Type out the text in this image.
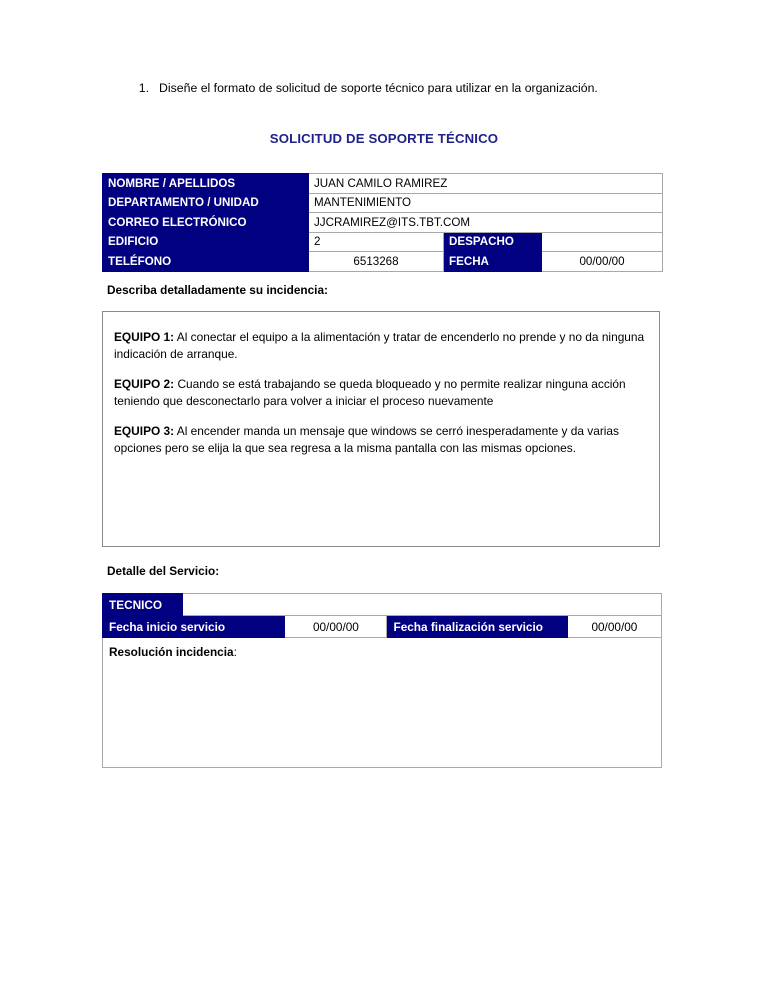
1. Diseñe el formato de solicitud de soporte técnico para utilizar en la organización.
SOLICITUD DE SOPORTE TÉCNICO
NOMBRE / APELLIDOS	JUAN CAMILO RAMIREZ		
DEPARTAMENTO / UNIDAD	MANTENIMIENTO		
CORREO ELECTRÓNICO	JJCRAMIREZ@ITS.TBT.COM		
EDIFICIO	2	DESPACHO	
TELÉFONO	6513268	FECHA	00/00/00
Describa detalladamente su incidencia:

EQUIPO 1: Al conectar el equipo a la alimentación y tratar de encenderlo no prende y no da ninguna indicación de arranque.

EQUIPO 2: Cuando se está trabajando se queda bloqueado y no permite realizar ninguna acción teniendo que desconectarlo para volver a iniciar el proceso nuevamente

EQUIPO 3: Al encender manda un mensaje que windows se cerró inesperadamente y da varias opciones pero se elija la que sea regresa a la misma pantalla con las mismas opciones.

Detalle del Servicio:
TECNICO				
Fecha inicio servicio		00/00/00	Fecha finalización servicio	00/00/00
Resolución incidencia:				
